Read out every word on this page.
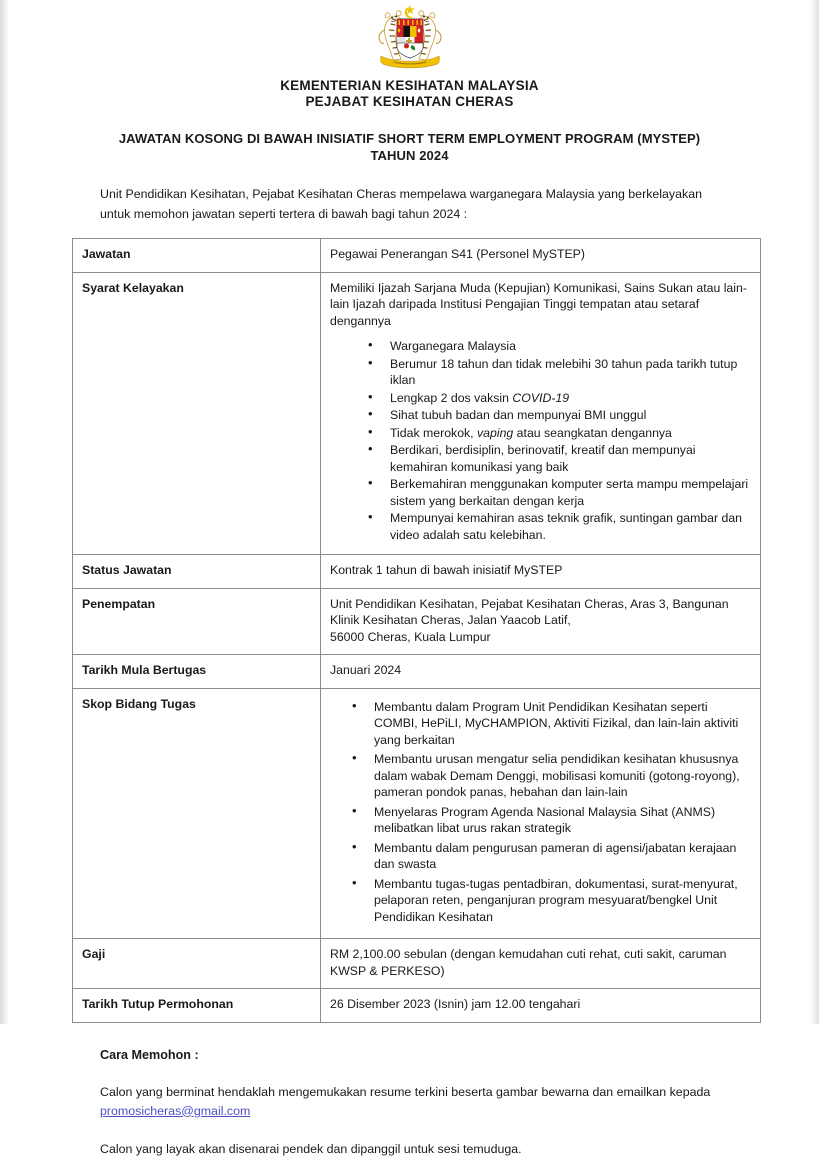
KEMENTERIAN KESIHATAN MALAYSIA
PEJABAT KESIHATAN CHERAS
JAWATAN KOSONG DI BAWAH INISIATIF SHORT TERM EMPLOYMENT PROGRAM (MYSTEP)
TAHUN 2024
Unit Pendidikan Kesihatan, Pejabat Kesihatan Cheras mempelawa warganegara Malaysia yang berkelayakan untuk memohon jawatan seperti tertera di bawah bagi tahun 2024 :
Jawatan	Pegawai Penerangan S41 (Personel MySTEP)
Syarat Kelayakan	Memiliki Ijazah Sarjana Muda (Kepujian) Komunikasi, Sains Sukan atau lain-lain Ijazah daripada Institusi Pengajian Tinggi tempatan atau setaraf dengannya

• Warganegara Malaysia
• Berumur 18 tahun dan tidak melebihi 30 tahun pada tarikh tutup iklan
• Lengkap 2 dos vaksin COVID-19
• Sihat tubuh badan dan mempunyai BMI unggul
• Tidak merokok, vaping atau seangkatan dengannya
• Berdikari, berdisiplin, berinovatif, kreatif dan mempunyai kemahiran komunikasi yang baik
• Berkemahiran menggunakan komputer serta mampu mempelajari sistem yang berkaitan dengan kerja
• Mempunyai kemahiran asas teknik grafik, suntingan gambar dan video adalah satu kelebihan.

Status Jawatan	Kontrak 1 tahun di bawah inisiatif MySTEP
Penempatan	Unit Pendidikan Kesihatan, Pejabat Kesihatan Cheras, Aras 3, Bangunan Klinik Kesihatan Cheras, Jalan Yaacob Latif,

56000 Cheras, Kuala Lumpur

Tarikh Mula Bertugas	Januari 2024
Skop Bidang Tugas	
•Membantu dalam Program Unit Pendidikan Kesihatan seperti COMBI, HePiLI, MyCHAMPION, Aktiviti Fizikal, dan lain-lain aktiviti yang berkaitan
• Membantu urusan mengatur selia pendidikan kesihatan khususnya dalam wabak Demam Denggi, mobilisasi komuniti (gotong-royong), pameran pondok panas, hebahan dan lain-lain
• Menyelaras Program Agenda Nasional Malaysia Sihat (ANMS) melibatkan libat urus rakan strategik
• Membantu dalam pengurusan pameran di agensi/jabatan kerajaan dan swasta
• Membantu tugas-tugas pentadbiran, dokumentasi, surat-menyurat, pelaporan reten, penganjuran program mesyuarat/bengkel Unit Pendidikan Kesihatan

Gaji	RM 2,100.00 sebulan (dengan kemudahan cuti rehat, cuti sakit, caruman KWSP & PERKESO)
Tarikh Tutup Permohonan	26 Disember 2023 (Isnin) jam 12.00 tengahari
Cara Memohon :
Calon yang berminat hendaklah mengemukakan resume terkini beserta gambar bewarna dan emailkan kepada promosicheras@gmail.com
Calon yang layak akan disenarai pendek dan dipanggil untuk sesi temuduga.
